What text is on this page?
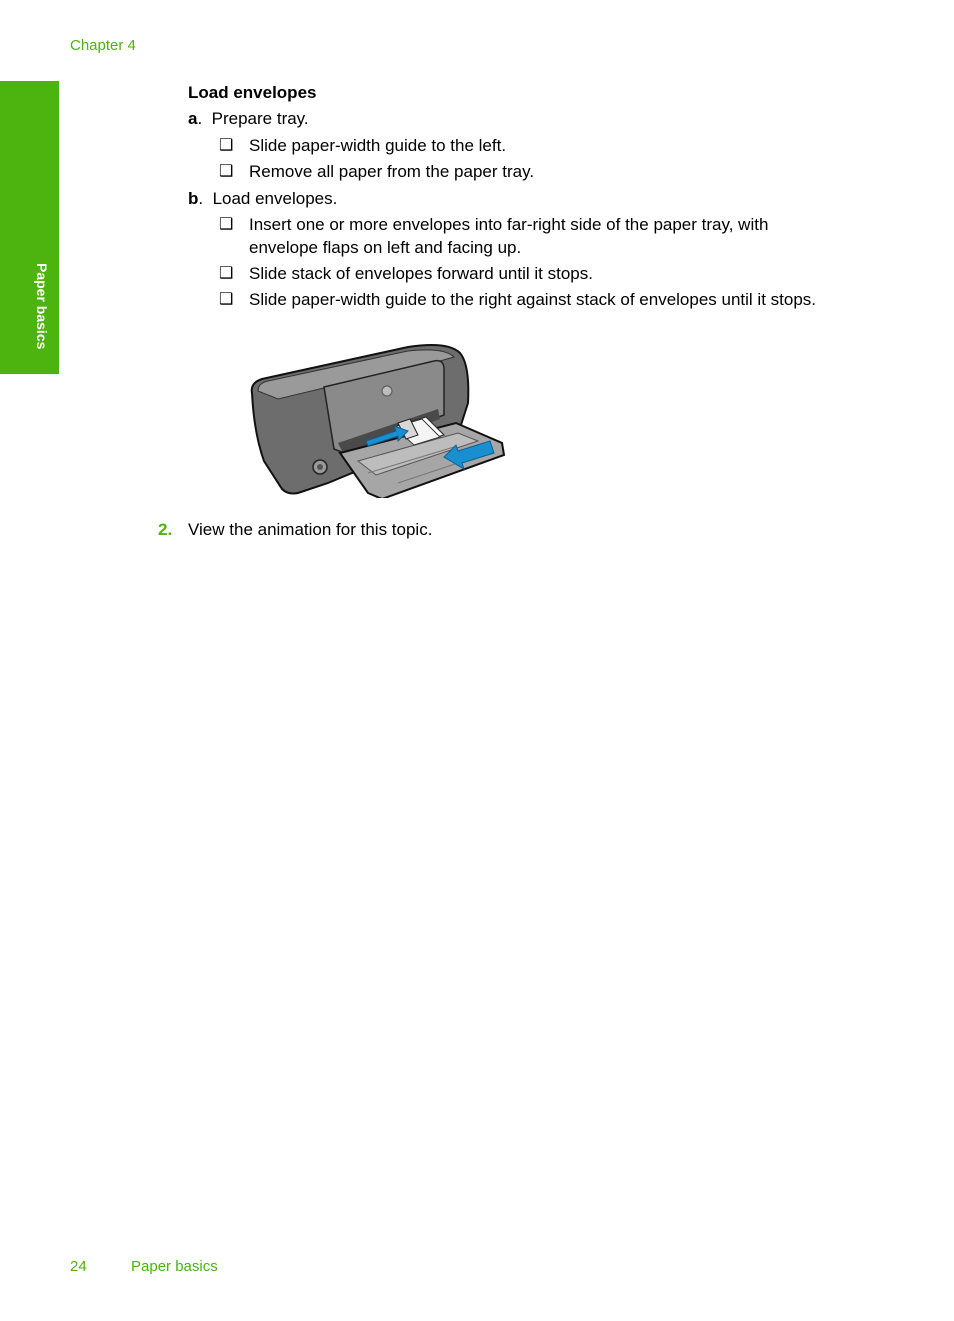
Chapter 4
Paper basics
Load envelopes
a.  Prepare tray.
❑ Slide paper-width guide to the left.
❑ Remove all paper from the paper tray.
b.  Load envelopes.
❑ Insert one or more envelopes into far-right side of the paper tray, with
envelope flaps on left and facing up.
❑ Slide stack of envelopes forward until it stops.
❑ Slide paper-width guide to the right against stack of envelopes until it stops.
2. View the animation for this topic.
24	Paper basics
